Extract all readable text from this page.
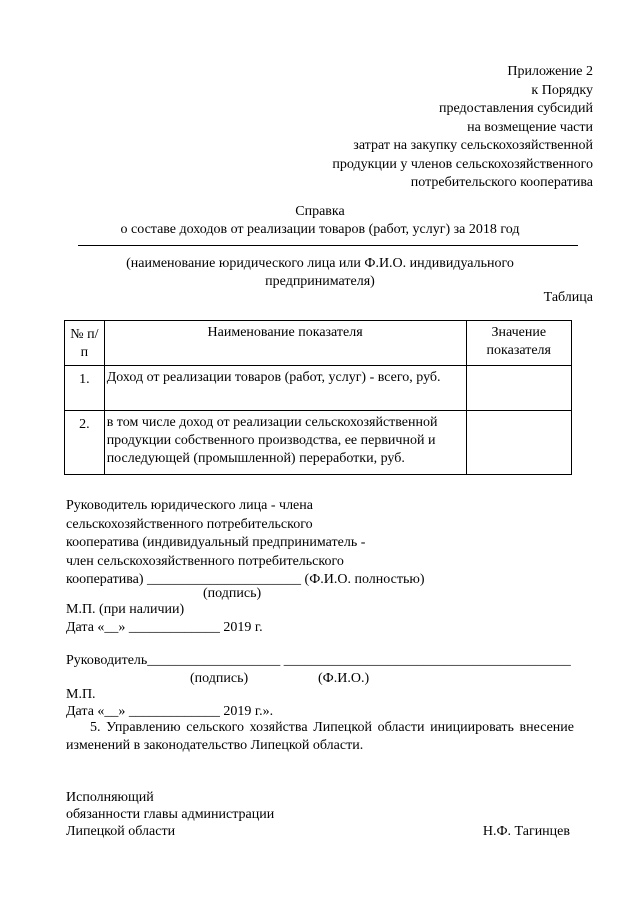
Приложение 2
к Порядку
предоставления субсидий
на возмещение части
затрат на закупку сельскохозяйственной
продукции у членов сельскохозяйственного
потребительского кооператива
Справка
о составе доходов от реализации товаров (работ, услуг) за 2018 год
(наименование юридического лица или Ф.И.О. индивидуального
предпринимателя)
Таблица
№ п/п	Наименование показателя	Значение показателя
1.	Доход от реализации товаров (работ, услуг) - всего, руб.	
2.	в том числе доход от реализации сельскохозяйственной продукции собственного производства, ее первичной и последующей (промышленной) переработки, руб.	
Руководитель юридического лица - члена
сельскохозяйственного потребительского
кооператива (индивидуальный предприниматель -
член сельскохозяйственного потребительского
кооператива) ______________________ (Ф.И.О. полностью)
(подпись)
М.П. (при наличии)
Дата «__» _____________ 2019 г.
Руководитель___________________ _________________________________________
(подпись)	(Ф.И.О.)
М.П.
Дата «__» _____________ 2019 г.».
5. Управлению сельского хозяйства Липецкой области инициировать внесение изменений в законодательство Липецкой области.
Исполняющий
обязанности главы администрации
Липецкой области	Н.Ф. Тагинцев
